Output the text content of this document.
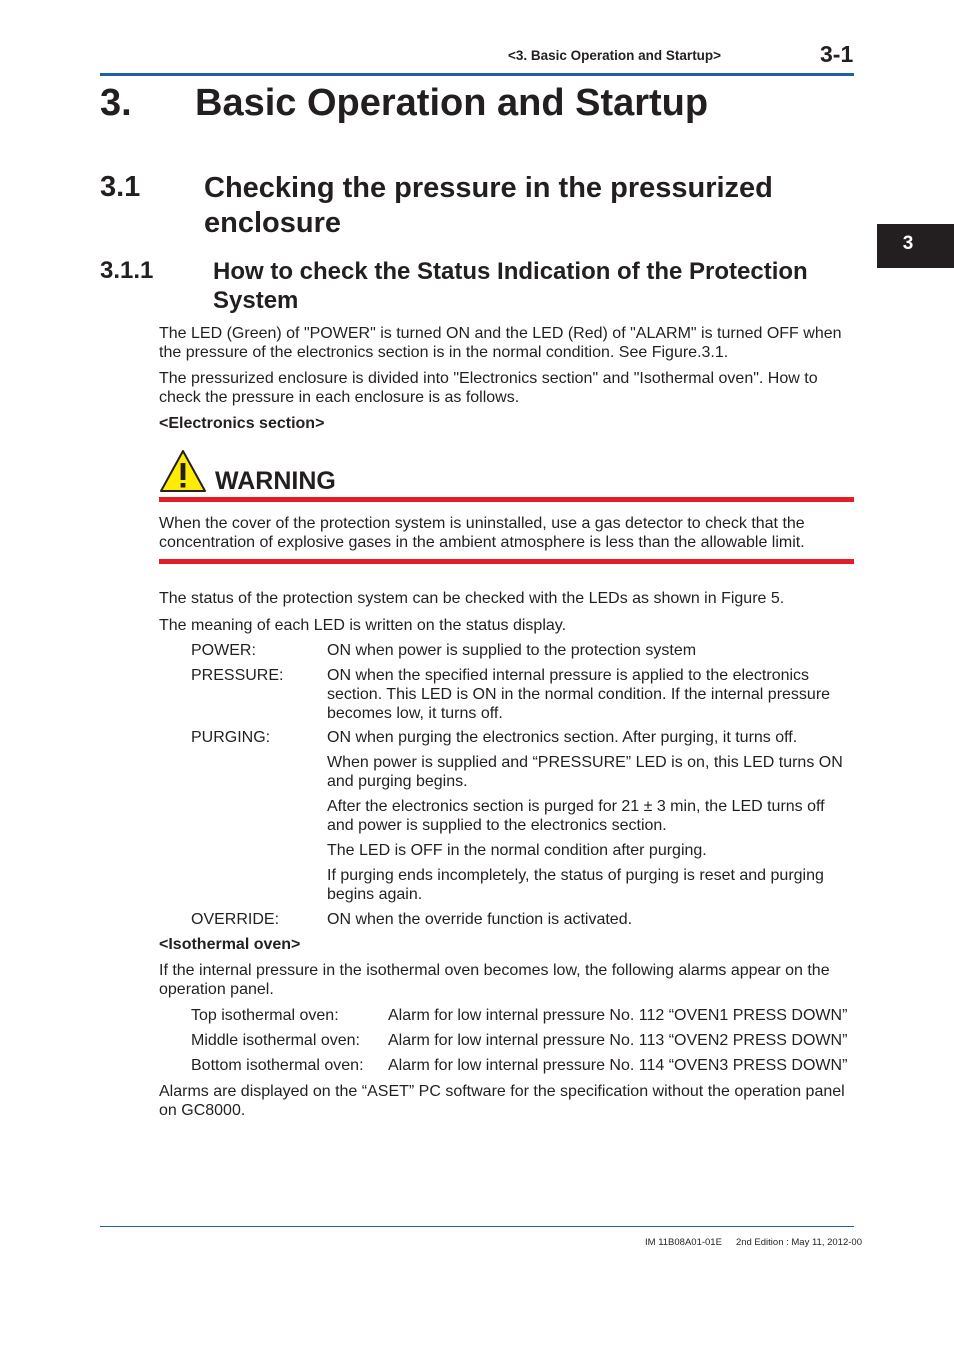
<3. Basic Operation and Startup>	3-1
3. Basic Operation and Startup
3.1 Checking the pressure in the pressurized enclosure
3
3.1.1 How to check the Status Indication of the Protection System
The LED (Green) of "POWER" is turned ON and the LED (Red) of "ALARM" is turned OFF when the pressure of the electronics section is in the normal condition. See Figure.3.1.
The pressurized enclosure is divided into "Electronics section" and "Isothermal oven". How to check the pressure in each enclosure is as follows.
<Electronics section>
WARNING
When the cover of the protection system is uninstalled, use a gas detector to check that the concentration of explosive gases in the ambient atmosphere is less than the allowable limit.
The status of the protection system can be checked with the LEDs as shown in Figure 5.
The meaning of each LED is written on the status display.
POWER:	ON when power is supplied to the protection system
PRESSURE:	ON when the specified internal pressure is applied to the electronics section. This LED is ON in the normal condition. If the internal pressure becomes low, it turns off.
PURGING:	ON when purging the electronics section. After purging, it turns off.
When power is supplied and “PRESSURE” LED is on, this LED turns ON and purging begins.
After the electronics section is purged for 21 ± 3 min, the LED turns off and power is supplied to the electronics section.
The LED is OFF in the normal condition after purging.
If purging ends incompletely, the status of purging is reset and purging begins again.
OVERRIDE:	ON when the override function is activated.
<Isothermal oven>
If the internal pressure in the isothermal oven becomes low, the following alarms appear on the operation panel.
Top isothermal oven:	Alarm for low internal pressure No. 112 “OVEN1 PRESS DOWN”
Middle isothermal oven: Alarm for low internal pressure No. 113 “OVEN2 PRESS DOWN”
Bottom isothermal oven: Alarm for low internal pressure No. 114 “OVEN3 PRESS DOWN”
Alarms are displayed on the “ASET” PC software for the specification without the operation panel on GC8000.
IM 11B08A01-01E 2nd Edition : May 11, 2012-00
